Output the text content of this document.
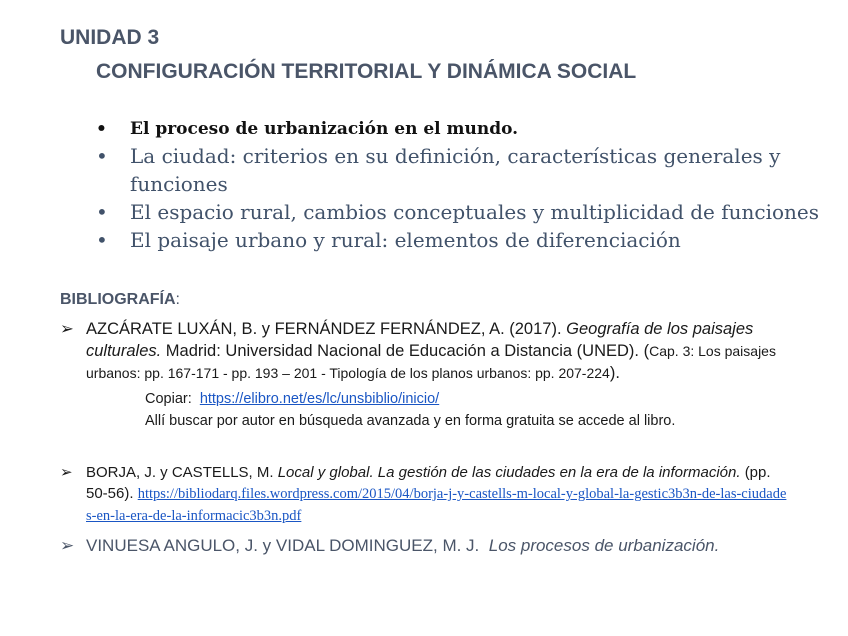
UNIDAD 3
CONFIGURACIÓN TERRITORIAL Y DINÁMICA SOCIAL
• El proceso de urbanización en el mundo.
• La ciudad: criterios en su definición, características generales y funciones
• El espacio rural, cambios conceptuales y multiplicidad de funciones
• El paisaje urbano y rural: elementos de diferenciación
BIBLIOGRAFÍA:
➢ AZCÁRATE LUXÁN, B. y FERNÁNDEZ FERNÁNDEZ, A. (2017). Geografía de los paisajes culturales. Madrid: Universidad Nacional de Educación a Distancia (UNED). (Cap. 3: Los paisajes urbanos: pp. 167-171 - pp. 193 – 201 - Tipología de los planos urbanos: pp. 207-224).
Copiar: https://elibro.net/es/lc/unsbiblio/inicio/
Allí buscar por autor en búsqueda avanzada y en forma gratuita se accede al libro.
➢ BORJA, J. y CASTELLS, M. Local y global. La gestión de las ciudades en la era de la información. (pp. 50-56). https://bibliodarq.files.wordpress.com/2015/04/borja-j-y-castells-m-local-y-global-la-gestic3b3n-de-las-ciudades-en-la-era-de-la-informacic3b3n.pdf
➢ VINUESA ANGULO, J. y VIDAL DOMINGUEZ, M. J. Los procesos de urbanización.
